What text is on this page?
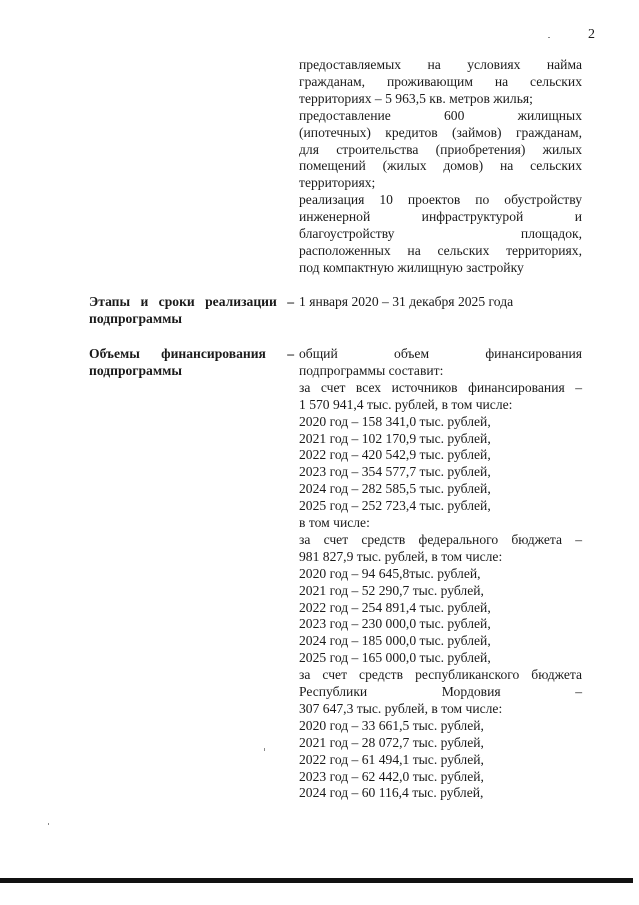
2
предоставляемых на условиях найма
гражданам, проживающим на сельских
территориях – 5 963,5 кв. метров жилья;
предоставление 600 жилищных
(ипотечных) кредитов (займов) гражданам,
для строительства (приобретения) жилых
помещений (жилых домов) на сельских
территориях;
реализация 10 проектов по обустройству
инженерной инфраструктурой и
благоустройству площадок,
расположенных на сельских территориях,
под компактную жилищную застройку
Этапы и сроки реализации –
подпрограммы
1 января 2020 – 31 декабря 2025 года
Объемы финансирования –
подпрограммы
общий объем финансирования
подпрограммы составит:
за счет всех источников финансирования –
1 570 941,4 тыс. рублей, в том числе:
2020 год – 158 341,0 тыс. рублей,
2021 год – 102 170,9 тыс. рублей,
2022 год – 420 542,9 тыс. рублей,
2023 год – 354 577,7 тыс. рублей,
2024 год – 282 585,5 тыс. рублей,
2025 год – 252 723,4 тыс. рублей,
в том числе:
за счет средств федерального бюджета –
981 827,9 тыс. рублей, в том числе:
2020 год – 94 645,8тыс. рублей,
2021 год – 52 290,7 тыс. рублей,
2022 год – 254 891,4 тыс. рублей,
2023 год – 230 000,0 тыс. рублей,
2024 год – 185 000,0 тыс. рублей,
2025 год – 165 000,0 тыс. рублей,
за счет средств республиканского бюджета
Республики Мордовия –
307 647,3 тыс. рублей, в том числе:
2020 год – 33 661,5 тыс. рублей,
2021 год – 28 072,7 тыс. рублей,
2022 год – 61 494,1 тыс. рублей,
2023 год – 62 442,0 тыс. рублей,
2024 год – 60 116,4 тыс. рублей,
